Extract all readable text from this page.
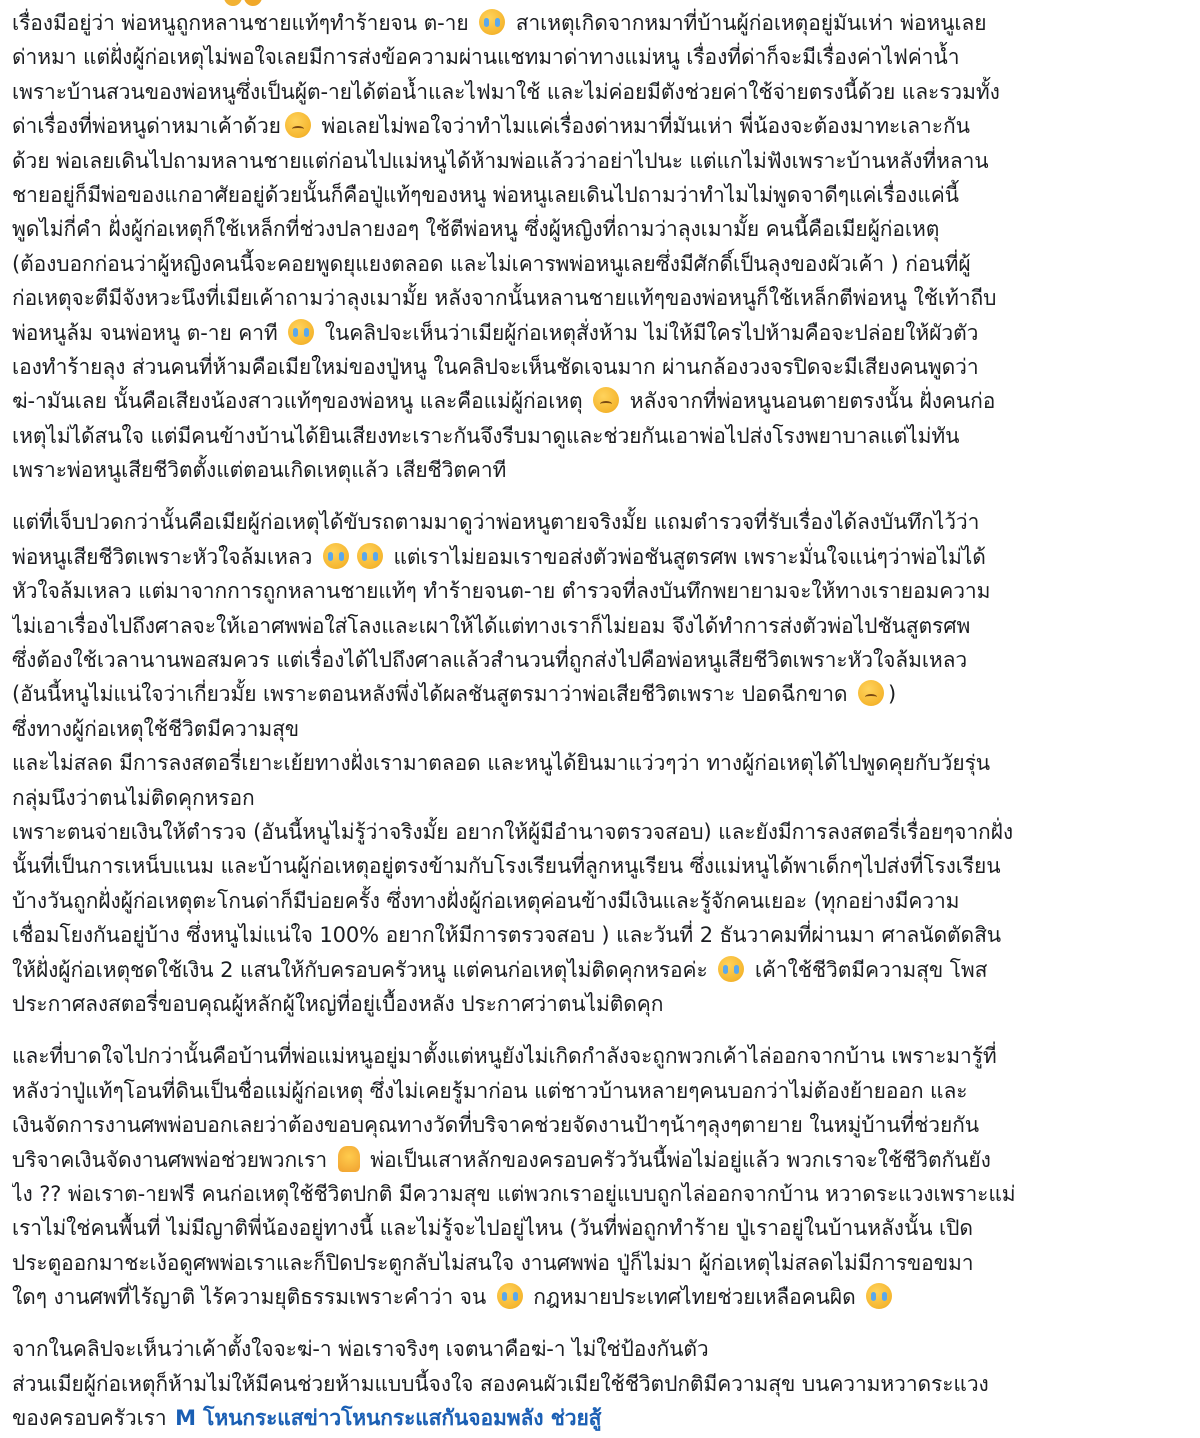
เรองมอยวา พอหนถกหลานชายแทๆทรายจน ต-าย สาเหตเกดจากหมาทบานผกอเหตอยมนเหา พอหนเลย
ด่าหมา แต่ฝั่งผู้ก่อเหตุไม่พอใจเลยมีการส่งข้อความผ่านแชทมาด่าทางแม่หนู เรื่องที่ด่าก็จะมีเรื่องค่าไฟค่าน้ำ
เพราะบ้านสวนของพ่อหนูซึ่งเป็นผู้ต-ายได้ต่อน้ำและไฟมาใช้ และไม่ค่อยมีตังช่วยค่าใช้จ่ายตรงนี้ด้วย และรวมทั้ง
ดาเรองทพอหนดาหมาเคาดวย พอเลยไมพอใจวาทไมแคเรองดาหมาทมนเหา พนองจะตองมาทะเลาะกน
ด้วย พ่อเลยเดินไปถามหลานชายแต่ก่อนไปแม่หนูได้ห้ามพ่อแล้วว่าอย่าไปนะ แต่แกไม่ฟังเพราะบ้านหลังที่หลาน
ชายอยู่ก็มีพ่อของแกอาศัยอยู่ด้วยนั้นก็คือปู่แท้ๆของหนู พ่อหนูเลยเดินไปถามว่าทำไมไม่พูดจาดีๆแค่เรื่องแค่นี้
พูดไม่กี่คำ ฝั่งผู้ก่อเหตุก็ใช้เหล็กที่ช่วงปลายงอๆ ใช้ตีพ่อหนู ซึ่งผู้หญิงที่ถามว่าลุงเมามั้ย คนนี้คือเมียผู้ก่อเหตุ
(ต้องบอกก่อนว่าผู้หญิงคนนี้จะคอยพูดยุแยงตลอด และไม่เคารพพ่อหนูเลยซึ่งมีศักดิ์เป็นลุงของผัวเค้า ) ก่อนที่ผู้
ก่อเหตุจะตีมีจังหวะนึงที่เมียเค้าถามว่าลุงเมามั้ย หลังจากนั้นหลานชายแท้ๆของพ่อหนูก็ใช้เหล็กตีพ่อหนู ใช้เท้าถีบ
พอหนลม จนพอหน ต-าย คาท ในคลปจะเหนวาเมยผกอเหตสงหาม ไมใหมใครไปหามคอจะปลอยใหผวตว
เองทำร้ายลุง ส่วนคนที่ห้ามคือเมียใหม่ของปู่หนู ในคลิปจะเห็นชัดเจนมาก ผ่านกล้องวงจรปิดจะมีเสียงคนพูดว่า
ฆ-ามนเลย นนคอเสยงนองสาวแทๆของพอหน และคอแมผกอเหต หลงจากทพอหนนอนตายตรงนน ฝงคนกอ
เหตุไม่ได้สนใจ แต่มีคนข้างบ้านได้ยินเสียงทะเราะกันจึงรีบมาดูและช่วยกันเอาพ่อไปส่งโรงพยาบาลแต่ไม่ทัน
เพราะพ่อหนูเสียชีวิตตั้งแต่ตอนเกิดเหตุแล้ว เสียชีวิตคาที
แต่ที่เจ็บปวดกว่านั้นคือเมียผู้ก่อเหตุได้ขับรถตามมาดูว่าพ่อหนูตายจริงมั้ย แถมตำรวจที่รับเรื่องได้ลงบันทึกไว้ว่า
พอหนเสยชวตเพราะหวใจลมเหลว	แตเราไมยอมเราขอสงตวพอชนสตรศพ เพราะมนใจแนๆวาพอไมได
หัวใจล้มเหลว แต่มาจากการถูกหลานชายแท้ๆ ทำร้ายจนต-าย ตำรวจที่ลงบันทึกพยายามจะให้ทางเรายอมความ
ไม่เอาเรื่องไปถึงศาลจะให้เอาศพพ่อใส่โลงและเผาให้ได้แต่ทางเราก็ไม่ยอม จึงได้ทำการส่งตัวพ่อไปชันสูตรศพ
ซึ่งต้องใช้เวลานานพอสมควร แต่เรื่องได้ไปถึงศาลแล้วสำนวนที่ถูกส่งไปคือพ่อหนูเสียชีวิตเพราะหัวใจล้มเหลว
(อนนหนไมแนใจวาเกยวมย เพราะตอนหลงพงไดผลชนสตรมาวาพอเสยชวตเพราะ ปอดฉกขาด )
ซึ่งทางผู้ก่อเหตุใช้ชีวิตมีความสุข
และไม่สลด มีการลงสตอรี่เยาะเย้ยทางฝั่งเรามาตลอด และหนูได้ยินมาแว่วๆว่า ทางผู้ก่อเหตุได้ไปพูดคุยกับวัยรุ่น
กลุ่มนึงว่าตนไม่ติดคุกหรอก
เพราะตนจ่ายเงินให้ตำรวจ (อันนี้หนูไม่รู้ว่าจริงมั้ย อยากให้ผู้มีอำนาจตรวจสอบ) และยังมีการลงสตอรี่เรื่อยๆจากฝั่ง
นั้นที่เป็นการเหน็บแนม และบ้านผู้ก่อเหตุอยู่ตรงข้ามกับโรงเรียนที่ลูกหนูเรียน ซึ่งแม่หนูได้พาเด็กๆไปส่งที่โรงเรียน
บ้างวันถูกฝั่งผู้ก่อเหตุตะโกนด่าก็มีบ่อยครั้ง ซึ่งทางฝั่งผู้ก่อเหตุค่อนข้างมีเงินและรู้จักคนเยอะ (ทุกอย่างมีความ
เชื่อมโยงกันอยู่บ้าง ซึ่งหนูไม่แน่ใจ 100% อยากให้มีการตรวจสอบ ) และวันที่ 2 ธันวาคมที่ผ่านมา ศาลนัดตัดสิน
ใหฝงผกอเหตชดใชเงน 2 แสนใหกบครอบครวหน แตคนกอเหตไมตดคกหรอคะ เคาใชชวตมความสข โพส
ประกาศลงสตอรี่ขอบคุณผู้หลักผู้ใหญ่ที่อยู่เบื้องหลัง ประกาศว่าตนไม่ติดคุก
และที่บาดใจไปกว่านั้นคือบ้านที่พ่อแม่หนูอยู่มาตั้งแต่หนูยังไม่เกิดกำลังจะถูกพวกเค้าไล่ออกจากบ้าน เพราะมารู้ที่
หลังว่าปู่แท้ๆโอนที่ดินเป็นชื่อแม่ผู้ก่อเหตุ ซึ่งไม่เคยรู้มาก่อน แต่ชาวบ้านหลายๆคนบอกว่าไม่ต้องย้ายออก และ
เงินจัดการงานศพพ่อบอกเลยว่าต้องขอบคุณทางวัดที่บริจาคช่วยจัดงานป้าๆน้าๆลุงๆตายาย ในหมู่บ้านที่ช่วยกัน
บรจาคเงนจดงานศพพอชวยพวกเรา พอเปนเสาหลกของครอบครววนนพอไมอยแลว พวกเราจะใชชวตกนยง
ไง ?? พ่อเราต-ายฟรี คนก่อเหตุใช้ชีวิตปกติ มีความสุข แต่พวกเราอยู่แบบถูกไล่ออกจากบ้าน หวาดระแวงเพราะแม่
เราไม่ใช่คนพื้นที่ ไม่มีญาติพี่น้องอยู่ทางนี้ และไม่รู้จะไปอยู่ไหน (วันที่พ่อถูกทำร้าย ปู่เราอยู่ในบ้านหลังนั้น เปิด
ประตูออกมาชะเง้อดูศพพ่อเราและก็ปิดประตูกลับไม่สนใจ งานศพพ่อ ปู่ก็ไม่มา ผู้ก่อเหตุไม่สลดไม่มีการขอขมา
ใดๆ งานศพทไรญาต ไรความยตธรรมเพราะควา จน กฎหมายประเทศไทยชวยเหลอคนผด
จากในคลิปจะเห็นว่าเค้าตั้งใจจะฆ่-า พ่อเราจริงๆ เจตนาคือฆ่-า ไม่ใช่ป้องกันตัว
ส่วนเมียผู้ก่อเหตุก็ห้ามไม่ให้มีคนช่วยห้ามแบบนี้จงใจ สองคนผัวเมียใช้ชีวิตปกติมีความสุข บนความหวาดระแวง
ของครอบครัวเรา M โหนกระแสข่าวโหนกระแสกันจอมพลัง ช่วยสู้
